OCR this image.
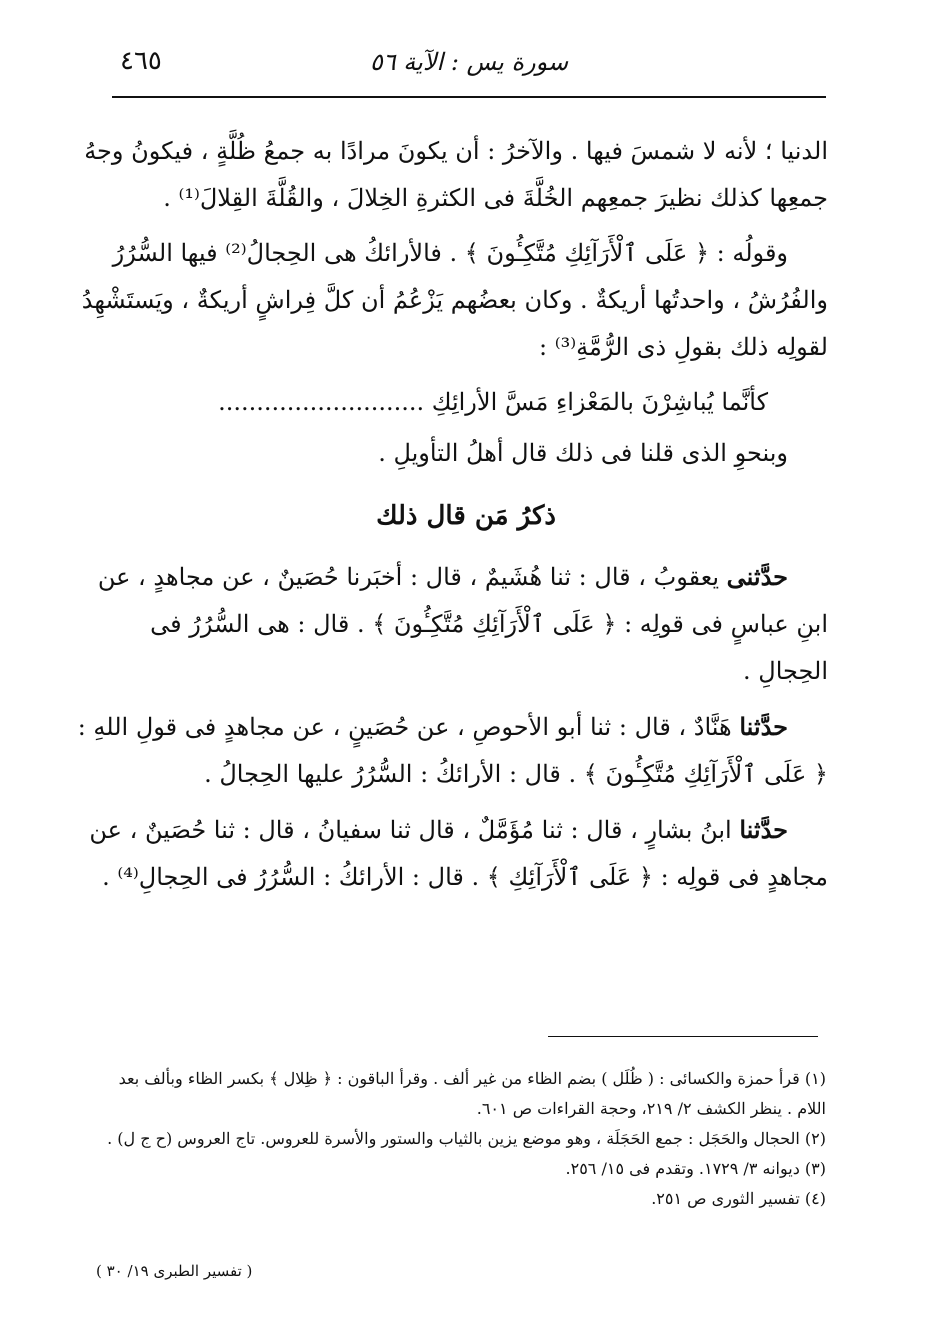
٤٦٥	سورة يس : الآية ٥٦

الدنيا ؛ لأنه لا شمسَ فيها . والآخرُ : أن يكونَ مرادًا به جمعُ ظُلَّةٍ ، فيكونُ وجهُ

جمعِها كذلك نظيرَ جمعِهم الخُلَّةَ فى الكثرةِ الخِلالَ ، والقُلَّةَ القِلالَ⁽¹⁾ .

وقولُه : ﴿ عَلَى ٱلْأَرَآئِكِ مُتَّكِـُٔونَ ﴾ . فالأرائكُ هى الحِجالُ⁽²⁾ فيها السُّرُرُ

والفُرُشُ ، واحدتُها أريكةٌ . وكان بعضُهم يَزْعُمُ أن كلَّ فِراشٍ أريكةٌ ، ويَستَشْهِدُ

لقولِه ذلك بقولِ ذى الرُّمَّةِ⁽³⁾ :

كأنَّما يُباشِرْنَ بالمَعْزاءِ مَسَّ الأرائِكِ ...........................

وبنحوِ الذى قلنا فى ذلك قال أهلُ التأويلِ .

ذكرُ مَن قال ذلك

حدَّثنى يعقوبُ ، قال : ثنا هُشَيمٌ ، قال : أخبَرنا حُصَينٌ ، عن مجاهدٍ ، عن

ابنِ عباسٍ فى قولِه : ﴿ عَلَى ٱلْأَرَآئِكِ مُتَّكِـُٔونَ ﴾ . قال : هى السُّرُرُ فى

الحِجالِ .

حدَّثنا هَنَّادٌ ، قال : ثنا أبو الأحوصِ ، عن حُصَينٍ ، عن مجاهدٍ فى قولِ اللهِ :

﴿ عَلَى ٱلْأَرَآئِكِ مُتَّكِـُٔونَ ﴾ . قال : الأرائكُ : السُّرُرُ عليها الحِجالُ .

حدَّثنا ابنُ بشارٍ ، قال : ثنا مُؤَمَّلٌ ، قال ثنا سفيانُ ، قال : ثنا حُصَينٌ ، عن

مجاهدٍ فى قولِه : ﴿ عَلَى ٱلْأَرَآئِكِ ﴾ . قال : الأرائكُ : السُّرُرُ فى الحِجالِ⁽⁴⁾ .

(١) قرأ حمزة والكسائى : ( ظُلَل ) بضم الظاء من غير ألف . وقرأ الباقون : ﴿ ظِلال ﴾ بكسر الظاء وبألف بعد
اللام . ينظر الكشف ٢/ ٢١٩، وحجة القراءات ص ٦٠١.
(٢) الحجال والحَجَل : جمع الحَجَلَة ، وهو موضع يزين بالثياب والستور والأسرة للعروس. تاج العروس (ح ج ل) .
(٣) ديوانه ٣/ ١٧٢٩. وتقدم فى ١٥/ ٢٥٦.
(٤) تفسير الثورى ص ٢٥١.
( تفسير الطبرى ١٩/ ٣٠ )
